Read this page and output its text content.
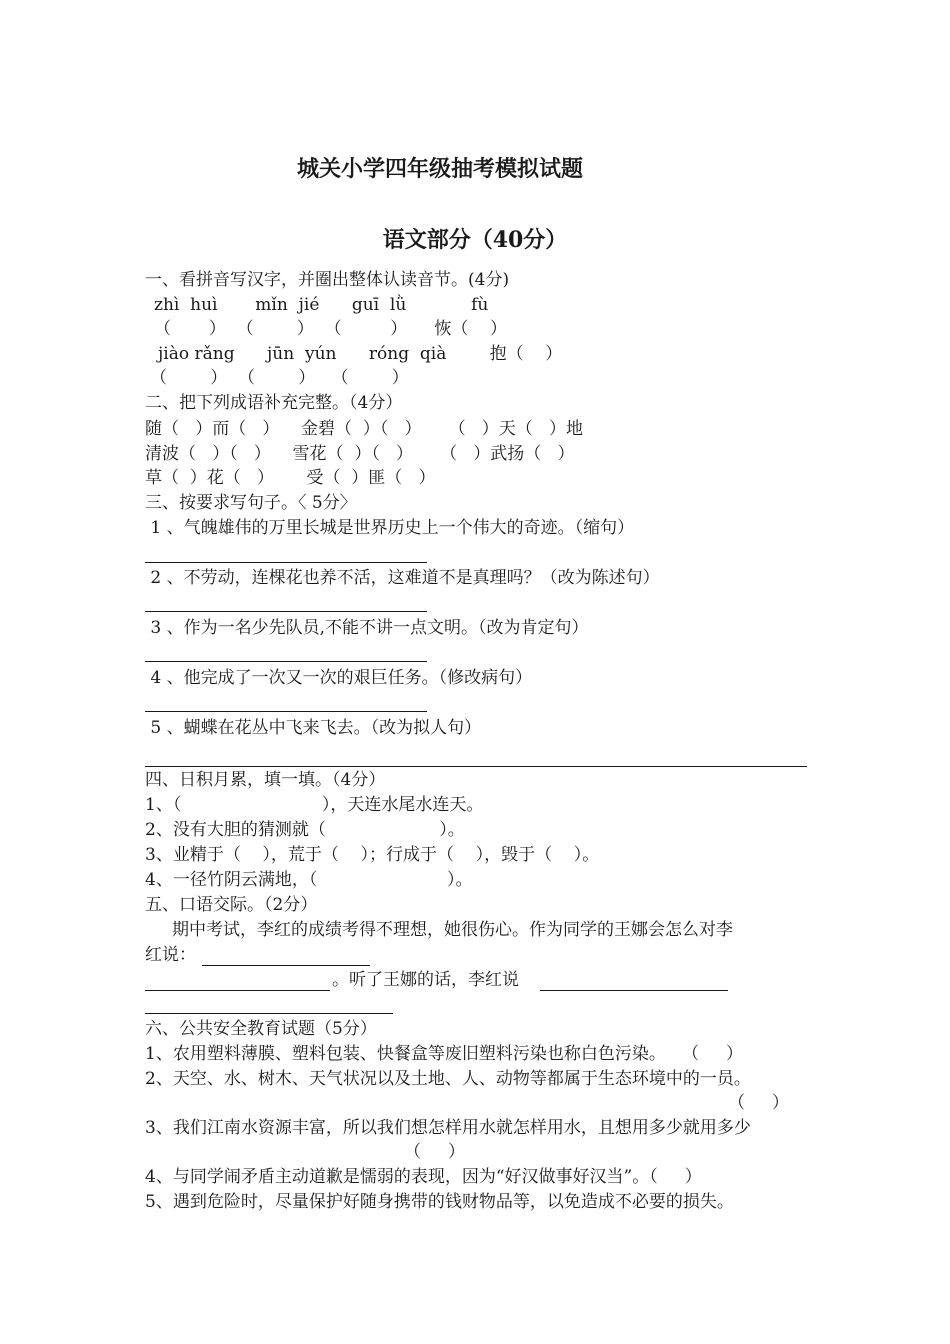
城关小学四年级抽考模拟试题
语文部分（40分）
一、看拼音写汉字，并圈出整体认读音节。(4分)
zhì  huì       mǐn  jié      guī  lǜ            fù
（       ）  （        ）  （         ）     恢（    ）
jiào rǎng      jūn  yún      róng  qià        抱（    ）
（        ）  （        ）   （        ）
二、把下列成语补充完整。（4分）
随（   ）而（   ）    金碧（  ）（   ）     （   ）天（   ）地
清波（   ）（   ）    雪花（  ）（   ）     （   ）武扬（   ）
草（  ）花（   ）      受（  ）匪（   ）
三、按要求写句子。〈 5分〉
1 、气魄雄伟的万里长城是世界历史上一个伟大的奇迹。（缩句）
2 、不劳动，连棵花也养不活，这难道不是真理吗？（改为陈述句）
3 、作为一名少先队员,不能不讲一点文明。（改为肯定句）
4 、他完成了一次又一次的艰巨任务。（修改病句）
5 、蝴蝶在花丛中飞来飞去。（改为拟人句）
四、日积月累，填一填。（4分）
1、（                          ），天连水尾水连天。
2、没有大胆的猜测就（                     ）。
3、业精于（    ），荒于（    ）；行成于（    ），毁于（    ）。
4、一径竹阴云满地，（                        ）。
五、口语交际。（2分）
期中考试，李红的成绩考得不理想，她很伤心。作为同学的王娜会怎么对李
红说：
。听了王娜的话，李红说
六、公共安全教育试题（5分）
1、农用塑料薄膜、塑料包装、快餐盒等废旧塑料污染也称白色污染。   （     ）
2、天空、水、树木、天气状况以及土地、人、动物等都属于生态环境中的一员。
（     ）
3、我们江南水资源丰富，所以我们想怎样用水就怎样用水，且想用多少就用多少
（     ）
4、与同学闹矛盾主动道歉是懦弱的表现，因为“好汉做事好汉当”。（     ）
5、遇到危险时，尽量保护好随身携带的钱财物品等，以免造成不必要的损失。
